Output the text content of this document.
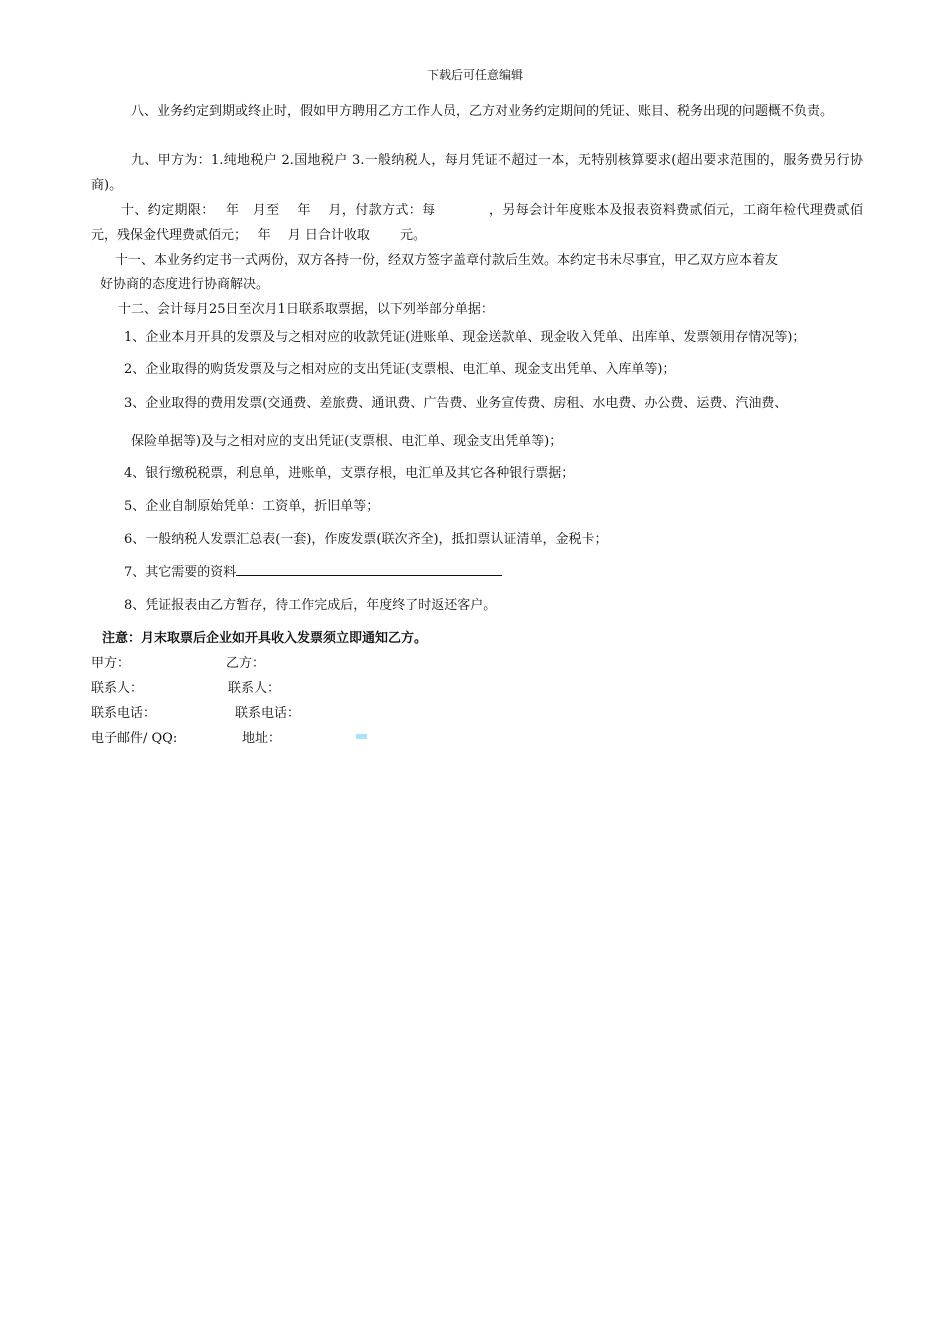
下载后可任意编辑
八、业务约定到期或终止时，假如甲方聘用乙方工作人员，乙方对业务约定期间的凭证、账目、税务出现的问题概不负责。
九、甲方为：1.纯地税户 2.国地税户 3.一般纳税人，每月凭证不超过一本，无特别核算要求(超出要求范围的，服务费另行协商)。
十、约定期限：　 年　月至　 年　 月，付款方式：每　　　　，另每会计年度账本及报表资料费贰佰元，工商年检代理费贰佰元，残保金代理费贰佰元；　 年　 月 日合计收取　　 元。
十一、本业务约定书一式两份，双方各持一份，经双方签字盖章付款后生效。本约定书未尽事宜，甲乙双方应本着友
好协商的态度进行协商解决。
十二、会计每月25日至次月1日联系取票据，以下列举部分单据：
1、企业本月开具的发票及与之相对应的收款凭证(进账单、现金送款单、现金收入凭单、出库单、发票领用存情况等)；
2、企业取得的购货发票及与之相对应的支出凭证(支票根、电汇单、现金支出凭单、入库单等)；
3、企业取得的费用发票(交通费、差旅费、通讯费、广告费、业务宣传费、房租、水电费、办公费、运费、汽油费、
保险单据等)及与之相对应的支出凭证(支票根、电汇单、现金支出凭单等)；
4、银行缴税税票，利息单，进账单，支票存根，电汇单及其它各种银行票据；
5、企业自制原始凭单：工资单，折旧单等；
6、一般纳税人发票汇总表(一套)，作废发票(联次齐全)，抵扣票认证清单，金税卡；
7、其它需要的资料
8、凭证报表由乙方暂存，待工作完成后，年度终了时返还客户。
注意：月末取票后企业如开具收入发票须立即通知乙方。
甲方：	乙方：
联系人：	联系人：
联系电话：	联系电话：
电子邮件/ QQ:	地址：
